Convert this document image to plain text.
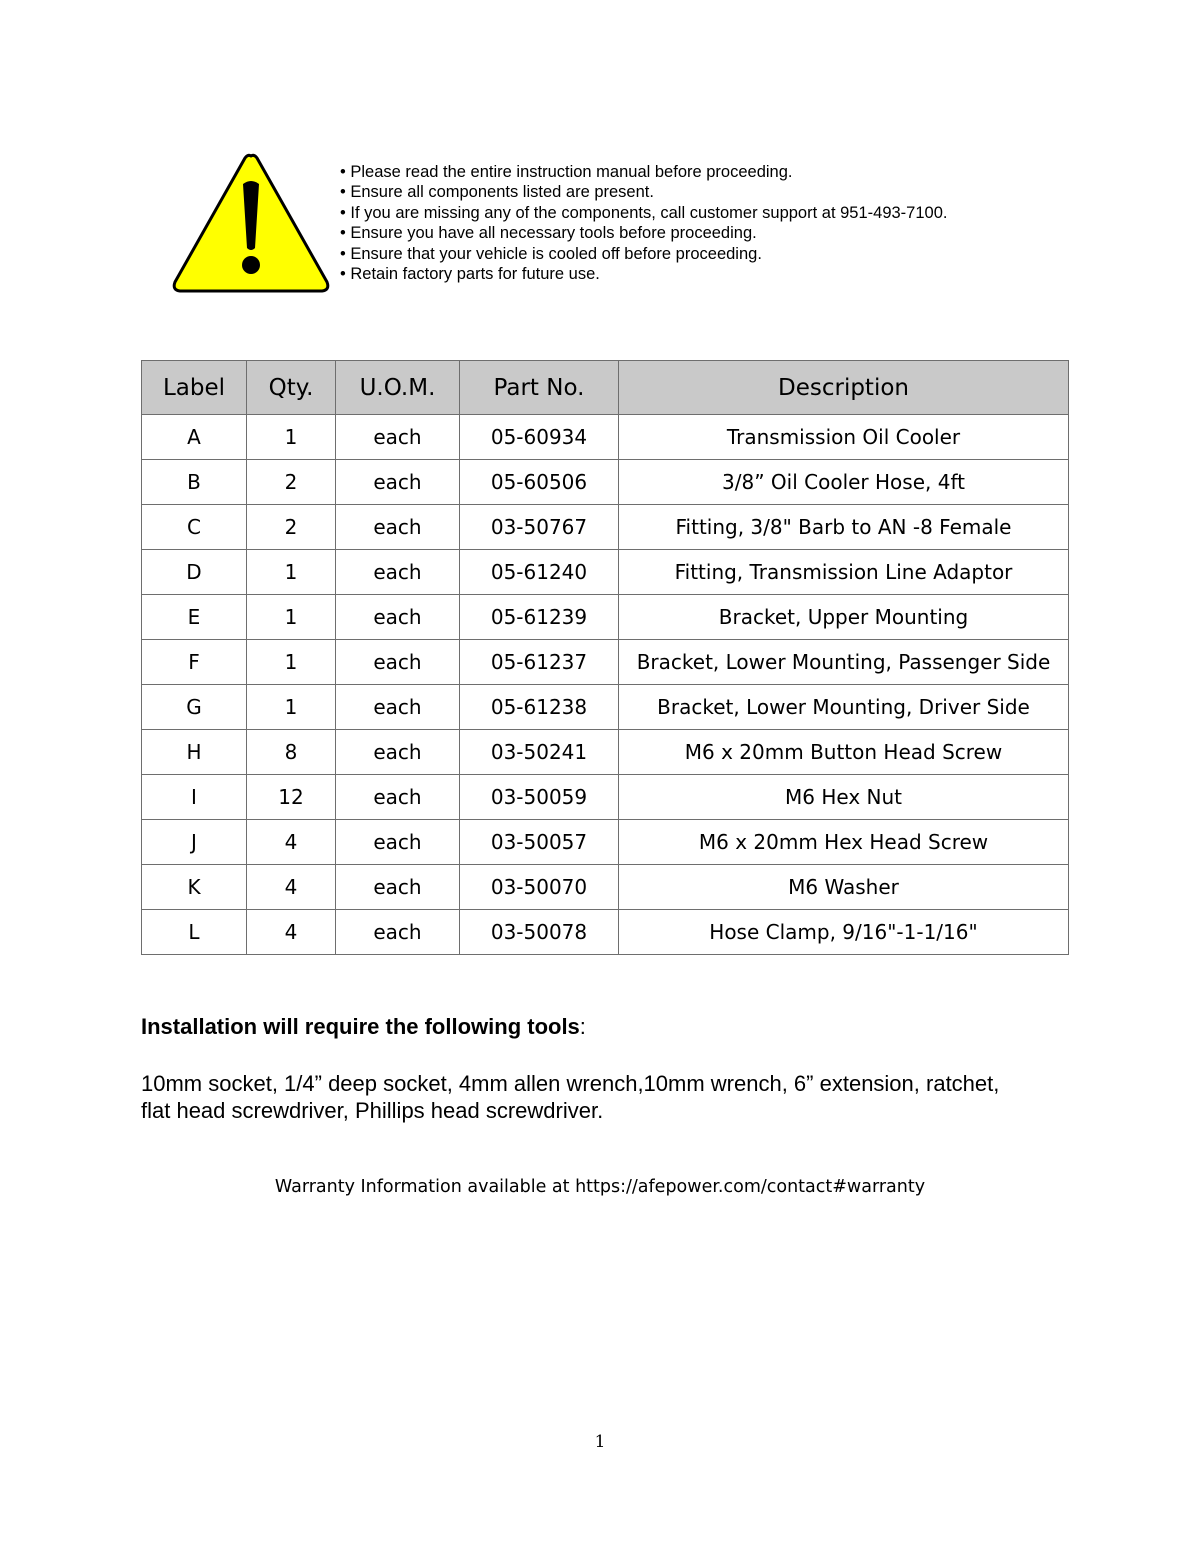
• Please read the entire instruction manual before proceeding.
• Ensure all components listed are present.
• If you are missing any of the components, call customer support at 951-493-7100.
• Ensure you have all necessary tools before proceeding.
• Ensure that your vehicle is cooled off before proceeding.
• Retain factory parts for future use.
Label	Qty.	U.O.M.	Part No.	Description
A	1	each	05-60934	Transmission Oil Cooler
B	2	each	05-60506	3/8” Oil Cooler Hose, 4ft
C	2	each	03-50767	Fitting, 3/8" Barb to AN -8 Female
D	1	each	05-61240	Fitting, Transmission Line Adaptor
E	1	each	05-61239	Bracket, Upper Mounting
F	1	each	05-61237	Bracket, Lower Mounting, Passenger Side
G	1	each	05-61238	Bracket, Lower Mounting, Driver Side
H	8	each	03-50241	M6 x 20mm Button Head Screw
I	12	each	03-50059	M6 Hex Nut
J	4	each	03-50057	M6 x 20mm Hex Head Screw
K	4	each	03-50070	M6 Washer
L	4	each	03-50078	Hose Clamp, 9/16"-1-1/16"
Installation will require the following tools:

10mm socket, 1/4” deep socket, 4mm allen wrench,10mm wrench, 6” extension, ratchet, flat head screwdriver, Phillips head screwdriver.

Warranty Information available at https://afepower.com/contact#warranty
1
